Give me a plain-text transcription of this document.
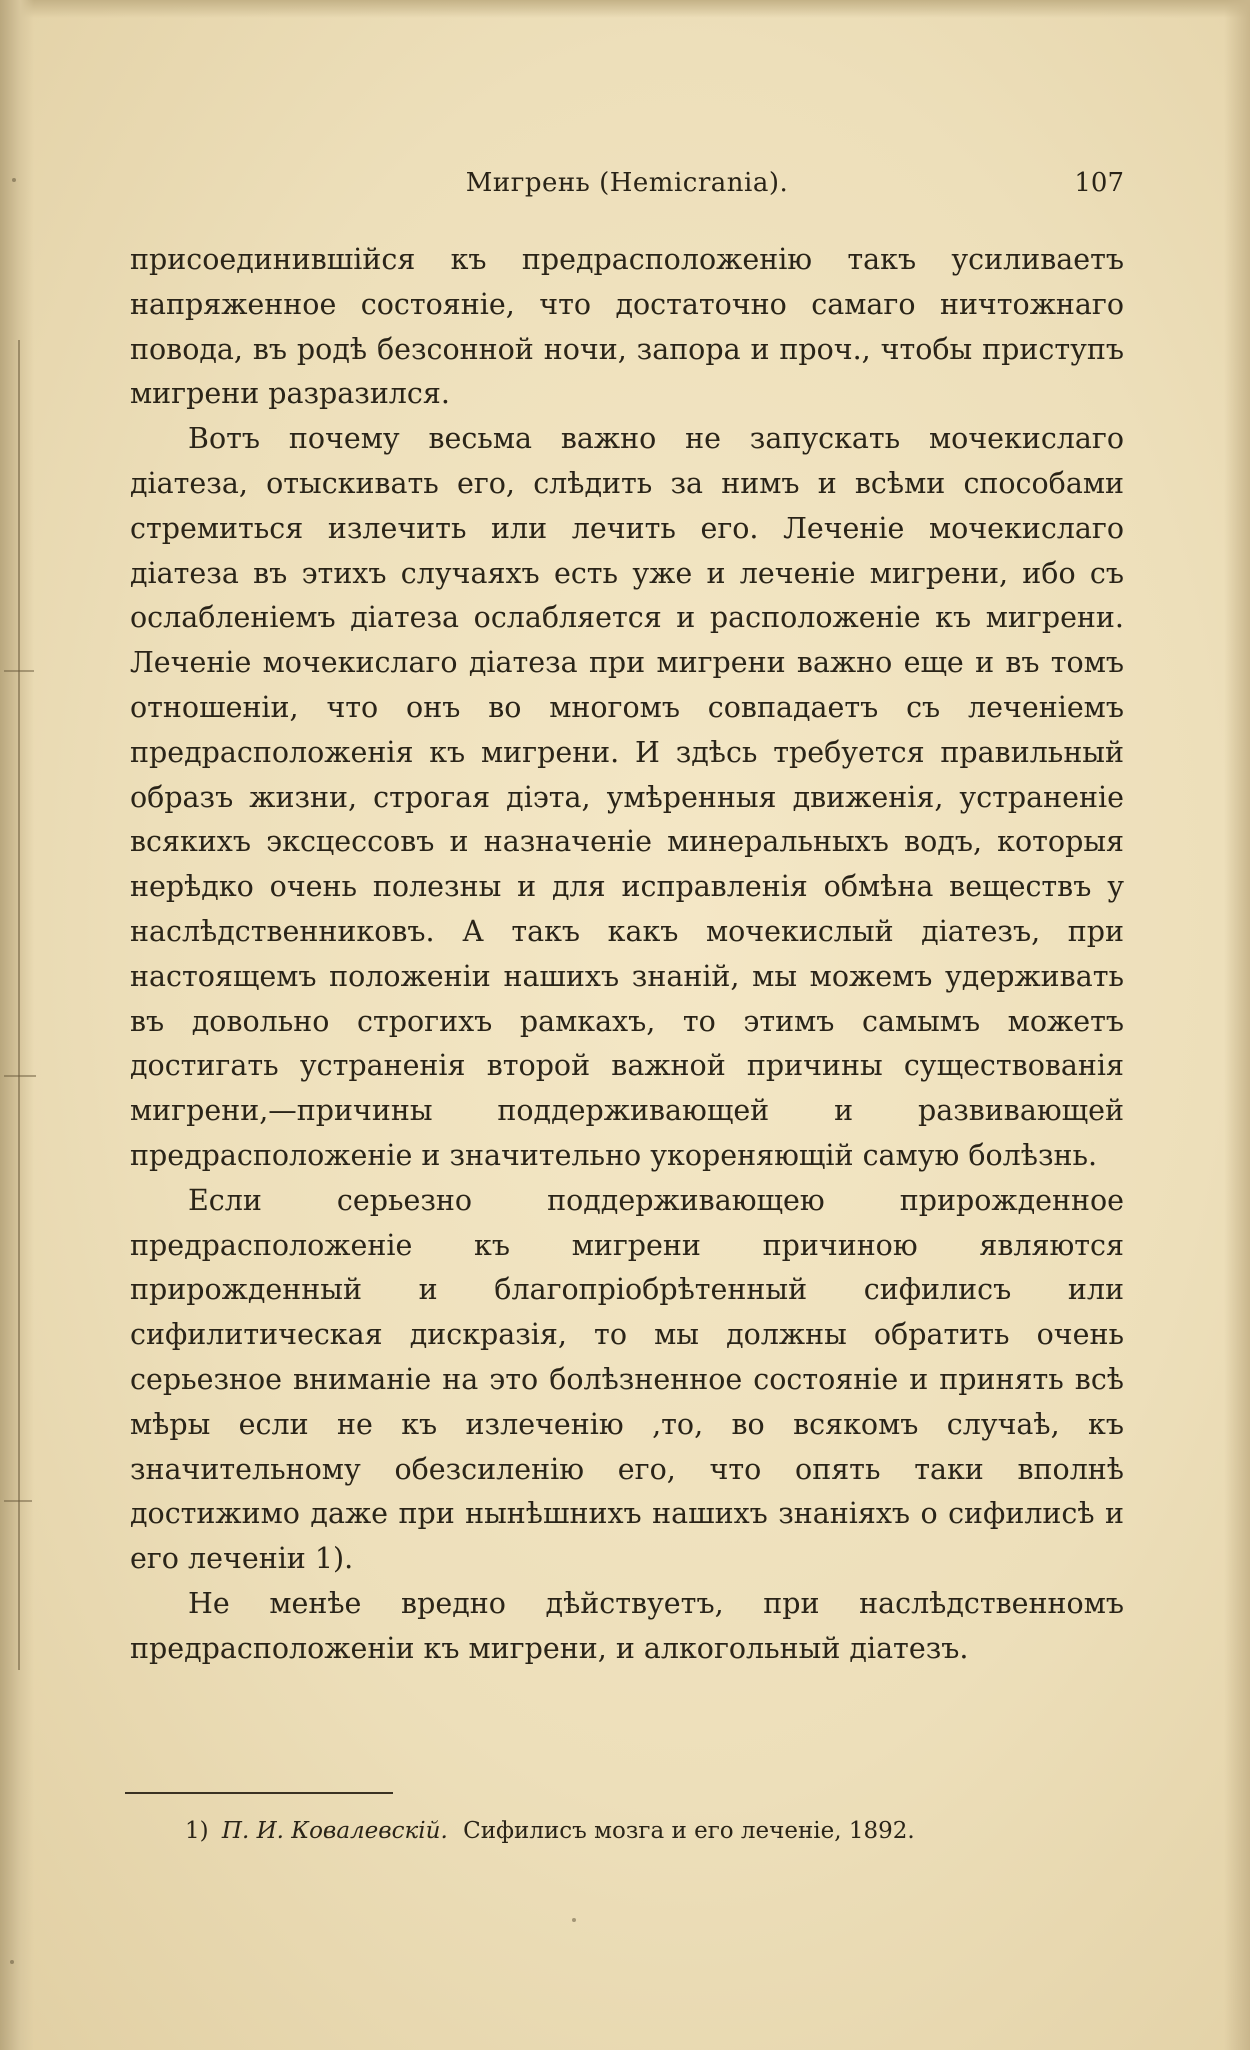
Мигрень (Hemicrania).	107

присоединившійся къ предрасположенію такъ усиливаетъ напряженное состояніе, что достаточно самаго ничтожнаго повода, въ родѣ безсонной ночи, запора и проч., чтобы приступъ мигрени разразился.

Вотъ почему весьма важно не запускать мочекислаго діатеза, отыскивать его, слѣдить за нимъ и всѣми способами стремиться излечить или лечить его. Леченіе мочекислаго діатеза въ этихъ случаяхъ есть уже и леченіе мигрени, ибо съ ослабленіемъ діатеза ослабляется и расположеніе къ мигрени. Леченіе мочекислаго діатеза при мигрени важно еще и въ томъ отношеніи, что онъ во многомъ совпадаетъ съ леченіемъ предрасположенія къ мигрени. И здѣсь требуется правильный образъ жизни, строгая діэта, умѣренныя движенія, устраненіе всякихъ эксцессовъ и назначеніе минеральныхъ водъ, которыя нерѣдко очень полезны и для исправленія обмѣна веществъ у наслѣдственниковъ. А такъ какъ мочекислый діатезъ, при настоящемъ положеніи нашихъ знаній, мы можемъ удерживать въ довольно строгихъ рамкахъ, то этимъ самымъ можетъ достигать устраненія второй важной причины существованія мигрени,—причины поддерживающей и развивающей предрасположеніе и значительно укореняющій самую болѣзнь.

Если серьезно поддерживающею прирожденное предрасположеніе къ мигрени причиною являются прирожденный и благопріобрѣтенный сифилисъ или сифилитическая дискразія, то мы должны обратить очень серьезное вниманіе на это болѣзненное состояніе и принять всѣ мѣры если не къ излеченію ,то, во всякомъ случаѣ, къ значительному обезсиленію его, что опять таки вполнѣ достижимо даже при нынѣшнихъ нашихъ знаніяхъ о сифилисѣ и его леченіи 1).

Не менѣе вредно дѣйствуетъ, при наслѣдственномъ предрасположеніи къ мигрени, и алкогольный діатезъ.

1) П. И. Ковалевскій. Сифилисъ мозга и его леченіе, 1892.
